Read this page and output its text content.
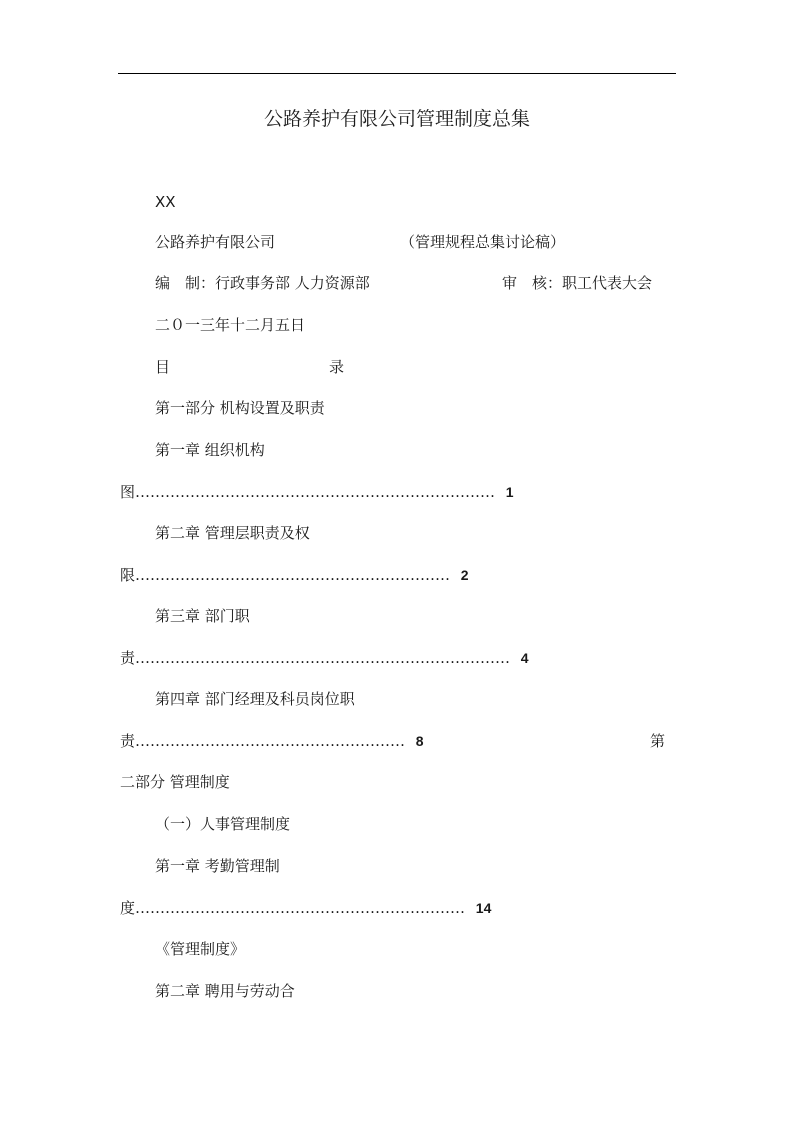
公路养护有限公司管理制度总集
XX
公路养护有限公司	（管理规程总集讨论稿）
编　制：行政事务部 人力资源部	审　核：职工代表大会
二０一三年十二月五日
目	录
第一部分 机构设置及职责
第一章 组织机构
图……………………………………………………………… 1
第二章 管理层职责及权
限……………………………………………………… 2
第三章 部门职
责………………………………………………………………… 4
第四章 部门经理及科员岗位职
责……………………………………………… 8	第
二部分 管理制度
（一）人事管理制度
第一章 考勤管理制
度………………………………………………………… 14
《管理制度》
第二章 聘用与劳动合
